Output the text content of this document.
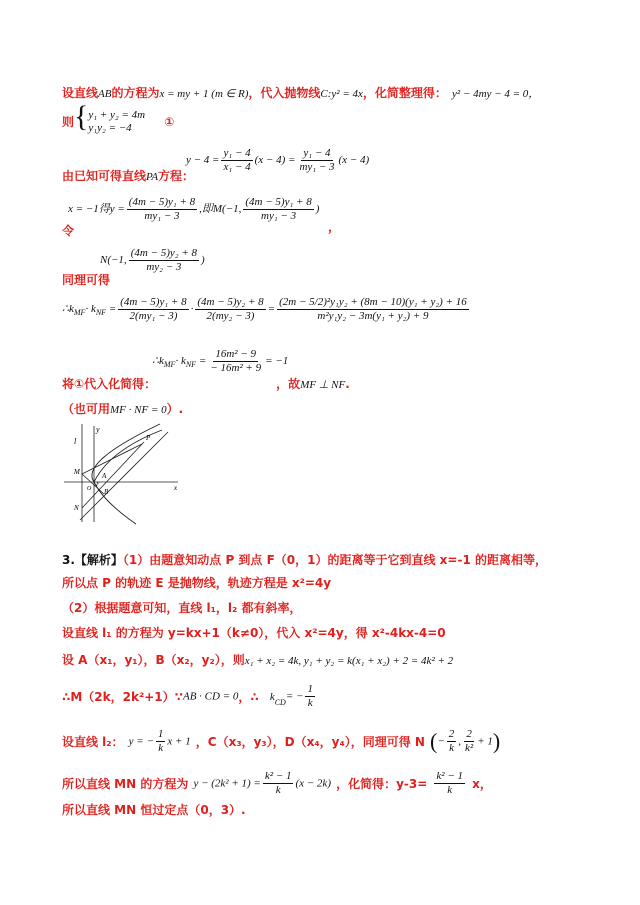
设直线AB的方程为x = my + 1 (m ∈ R)，代入抛物线C:y² = 4x，化简整理得： y² − 4my − 4 = 0，
则{ y₁ + y₂ = 4m
y₁y₂ = −4	①
由已知可得直线PA方程：
$y - 4 = \frac{\text{y₁ − 4}}{\text{x₁ − 4}} (x - 4) = \frac{\text{y₁ − 4}}{\text{my₁ − 3}} (x - 4)$
x = −1得$y = \frac{\text{(4m − 5)y₁ + 8}}{\text{my₁ − 3}}$ ,即M(−1, $\frac{\text{(4m − 5)y₁ + 8}}{\text{my₁ − 3}}$ )
令	，
N(−1, $\frac{\text{(4m − 5)y₂ + 8}}{\text{my₂ − 3}}$ )
同理可得
$\therefore k_{MF}\cdot k_{NF} = \frac{\text{(4m − 5)y₁ + 8}}{\text{2(my₁ − 3)}} \cdot \frac{\text{(4m − 5)y₂ + 8}}{\text{2(my₂ − 3)}} = \frac{\text{(2m − 5/2)²y₁y₂ + (8m − 10)(y₁ + y₂) + 16}}{\text{m²y₁y₂ − 3m(y₁ + y₂) + 9}}$
$\therefore k_{MF}\cdot k_{NF} = \frac{\text{16m² − 9}}{\text{− 16m² + 9}} = -1$
将①代入化简得：	，故MF ⊥ NF.
（也可用MF · NF = 0）.
l
y
P
M	A
B
N
x
O
F
3.【解析】（1）由题意知动点 P 到点 F（0，1）的距离等于它到直线 x=-1 的距离相等，
所以点 P 的轨迹 E 是抛物线，轨迹方程是 x²=4y
（2）根据题意可知，直线 l₁，l₂ 都有斜率，
设直线 l₁ 的方程为 y=kx+1（k≠0），代入 x²=4y，得 x²-4kx-4=0
设 A（x₁，y₁），B（x₂，y₂），则x₁ + x₂ = 4k, y₁ + y₂ = k(x₁ + x₂) + 2 = 4k² + 2
∴M（2k，2k²+1）∵AB · CD = 0，∴ $k_{CD}= - \frac{1}{k}$
设直线 l₂： y = − $\frac{1}{k}$ x + 1 ，C（x₃，y₃），D（x₄，y₄），同理可得 N (− $\frac{2}{k}$ , $\frac{2}{\text{k²}} + 1$)
所以直线 MN 的方程为 $y - (2k^2 + 1) = \frac{\text{k² − 1}}{k} (x - 2k)$ ，化简得：$y-3= \frac{\text{k² − 1}}{k}$ x，
所以直线 MN 恒过定点（0，3）.
